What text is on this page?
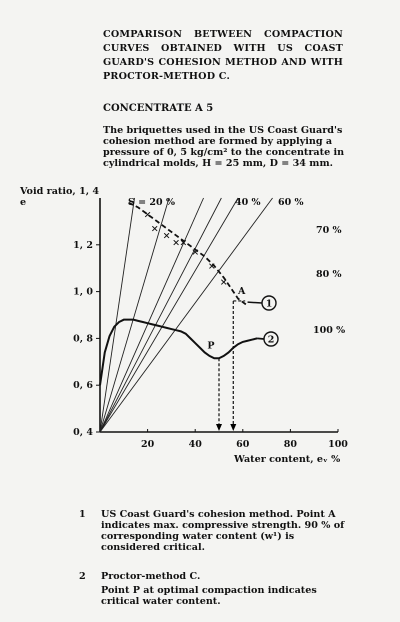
COMPARISON BETWEEN COMPACTION CURVES OBTAINED WITH US COAST GUARD'S COHESION METHOD AND WITH PROCTOR-METHOD C.
CONCENTRATE A 5
The briquettes used in the US Coast Guard's cohesion method are formed by applying a pressure of 0, 5 kg/cm² to the concentrate in cylindrical molds, H = 25 mm, D = 34 mm.
Void ratio, 1, 4
e
Water content, eᵥ %
S = 20 %	40 % 60 %
70 %
80 %
100 %
20	40	60	80	100
0, 4
0, 6
0, 8
1, 0
1, 2
×
×
×
× ×
×
×
×
A
P
1
2
1 US Coast Guard's cohesion method. Point A indicates max. compressive strength. 90 % of corresponding water content (w¹) is considered critical.
2 Proctor-method C.
Point P at optimal compaction indicates critical water content.
